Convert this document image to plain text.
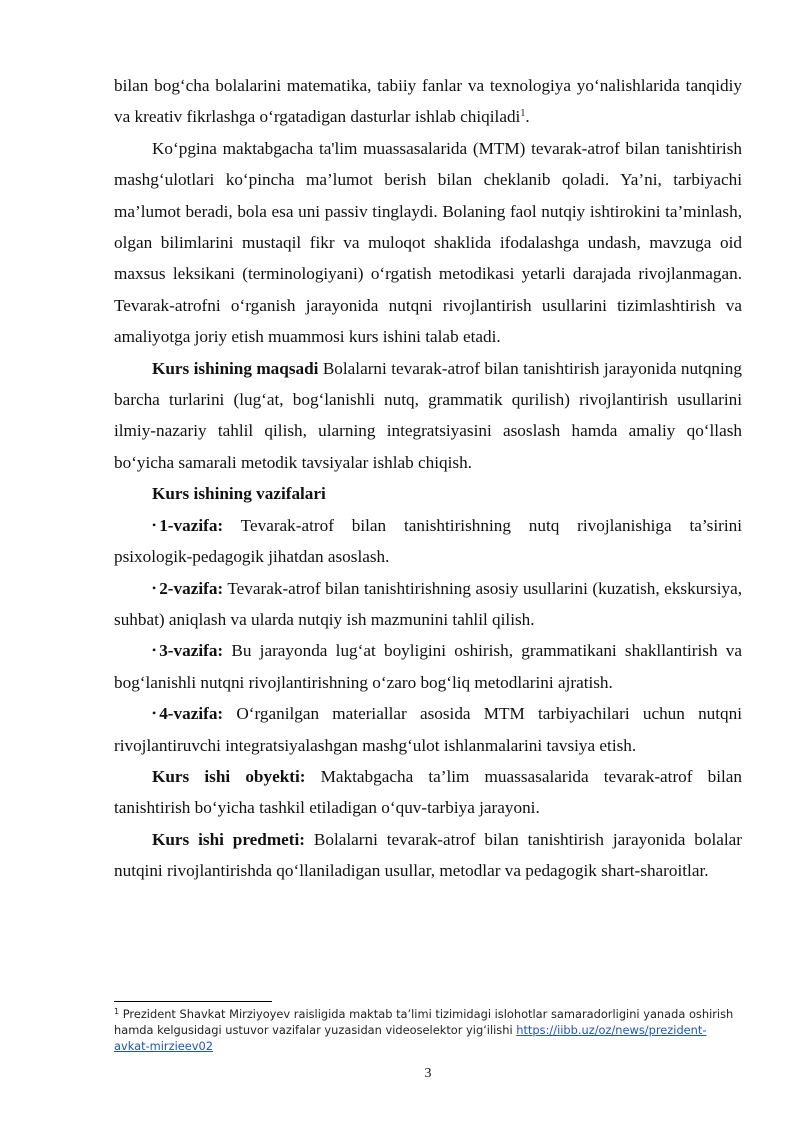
bilan bog‘cha bolalarini matematika, tabiiy fanlar va texnologiya yo‘nalishlarida tanqidiy va kreativ fikrlashga o‘rgatadigan dasturlar ishlab chiqiladi$^1$.

Ko‘pgina maktabgacha ta'lim muassasalarida (MTM) tevarak-atrof bilan tanishtirish mashg‘ulotlari ko‘pincha ma’lumot berish bilan cheklanib qoladi. Ya’ni, tarbiyachi ma’lumot beradi, bola esa uni passiv tinglaydi. Bolaning faol nutqiy ishtirokini ta’minlash, olgan bilimlarini mustaqil fikr va muloqot shaklida ifodalashga undash, mavzuga oid maxsus leksikani (terminologiyani) o‘rgatish metodikasi yetarli darajada rivojlanmagan. Tevarak-atrofni o‘rganish jarayonida nutqni rivojlantirish usullarini tizimlashtirish va amaliyotga joriy etish muammosi kurs ishini talab etadi.

Kurs ishining maqsadi Bolalarni tevarak-atrof bilan tanishtirish jarayonida nutqning barcha turlarini (lug‘at, bog‘lanishli nutq, grammatik qurilish) rivojlantirish usullarini ilmiy-nazariy tahlil qilish, ularning integratsiyasini asoslash hamda amaliy qo‘llash bo‘yicha samarali metodik tavsiyalar ishlab chiqish.

Kurs ishining vazifalari

• 1-vazifa: Tevarak-atrof bilan tanishtirishning nutq rivojlanishiga ta’sirini psixologik-pedagogik jihatdan asoslash.

• 2-vazifa: Tevarak-atrof bilan tanishtirishning asosiy usullarini (kuzatish, ekskursiya, suhbat) aniqlash va ularda nutqiy ish mazmunini tahlil qilish.

• 3-vazifa: Bu jarayonda lug‘at boyligini oshirish, grammatikani shakllantirish va bog‘lanishli nutqni rivojlantirishning o‘zaro bog‘liq metodlarini ajratish.

• 4-vazifa: O‘rganilgan materiallar asosida MTM tarbiyachilari uchun nutqni rivojlantiruvchi integratsiyalashgan mashg‘ulot ishlanmalarini tavsiya etish.

Kurs ishi obyekti: Maktabgacha ta’lim muassasalarida tevarak-atrof bilan tanishtirish bo‘yicha tashkil etiladigan o‘quv-tarbiya jarayoni.

Kurs ishi predmeti: Bolalarni tevarak-atrof bilan tanishtirish jarayonida bolalar nutqini rivojlantirishda qo‘llaniladigan usullar, metodlar va pedagogik shart-sharoitlar.

$^1$ Prezident Shavkat Mirziyoyev raisligida maktab ta’limi tizimidagi islohotlar samaradorligini yanada oshirish hamda kelgusidagi ustuvor vazifalar yuzasidan videoselektor yig‘ilishi https://iibb.uz/oz/news/prezident-avkat-mirzieev02

3
